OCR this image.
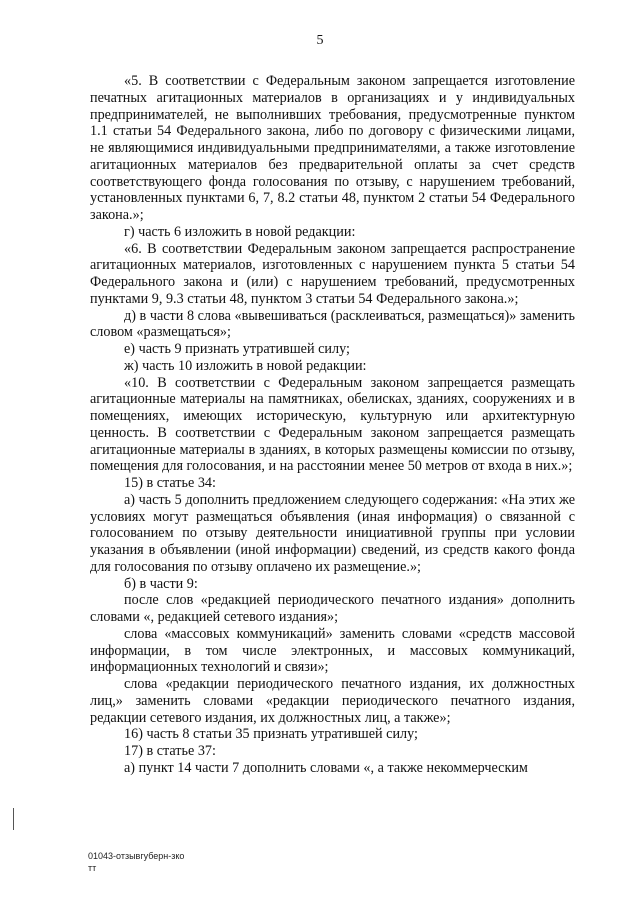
5

«5. В соответствии с Федеральным законом запрещается изготовление печатных агитационных материалов в организациях и у индивидуальных предпринимателей, не выполнивших требования, предусмотренные пунктом 1.1 статьи 54 Федерального закона, либо по договору с физическими лицами, не являющимися индивидуальными предпринимателями, а также изготовление агитационных материалов без предварительной оплаты за счет средств соответствующего фонда голосования по отзыву, с нарушением требований, установленных пунктами 6, 7, 8.2 статьи 48, пунктом 2 статьи 54 Федерального закона.»;

г) часть 6 изложить в новой редакции:

«6. В соответствии Федеральным законом запрещается распространение агитационных материалов, изготовленных с нарушением пункта 5 статьи 54 Федерального закона и (или) с нарушением требований, предусмотренных пунктами 9, 9.3 статьи 48, пунктом 3 статьи 54 Федерального закона.»;

д) в части 8 слова «вывешиваться (расклеиваться, размещаться)» заменить словом «размещаться»;

е) часть 9 признать утратившей силу;

ж) часть 10 изложить в новой редакции:

«10. В соответствии с Федеральным законом запрещается размещать агитационные материалы на памятниках, обелисках, зданиях, сооружениях и в помещениях, имеющих историческую, культурную или архитектурную ценность. В соответствии с Федеральным законом запрещается размещать агитационные материалы в зданиях, в которых размещены комиссии по отзыву, помещения для голосования, и на расстоянии менее 50 метров от входа в них.»;

15) в статье 34:

а) часть 5 дополнить предложением следующего содержания: «На этих же условиях могут размещаться объявления (иная информация) о связанной с голосованием по отзыву деятельности инициативной группы при условии указания в объявлении (иной информации) сведений, из средств какого фонда для голосования по отзыву оплачено их размещение.»;

б) в части 9:

после слов «редакцией периодического печатного издания» дополнить словами «, редакцией сетевого издания»;

слова «массовых коммуникаций» заменить словами «средств массовой информации, в том числе электронных, и массовых коммуникаций, информационных технологий и связи»;

слова «редакции периодического печатного издания, их должностных лиц,» заменить словами «редакции периодического печатного издания, редакции сетевого издания, их должностных лиц, а также»;

16) часть 8 статьи 35 признать утратившей силу;

17) в статье 37:

а) пункт 14 части 7 дополнить словами «, а также некоммерческим

01043-отзывгуберн-зко
тт
